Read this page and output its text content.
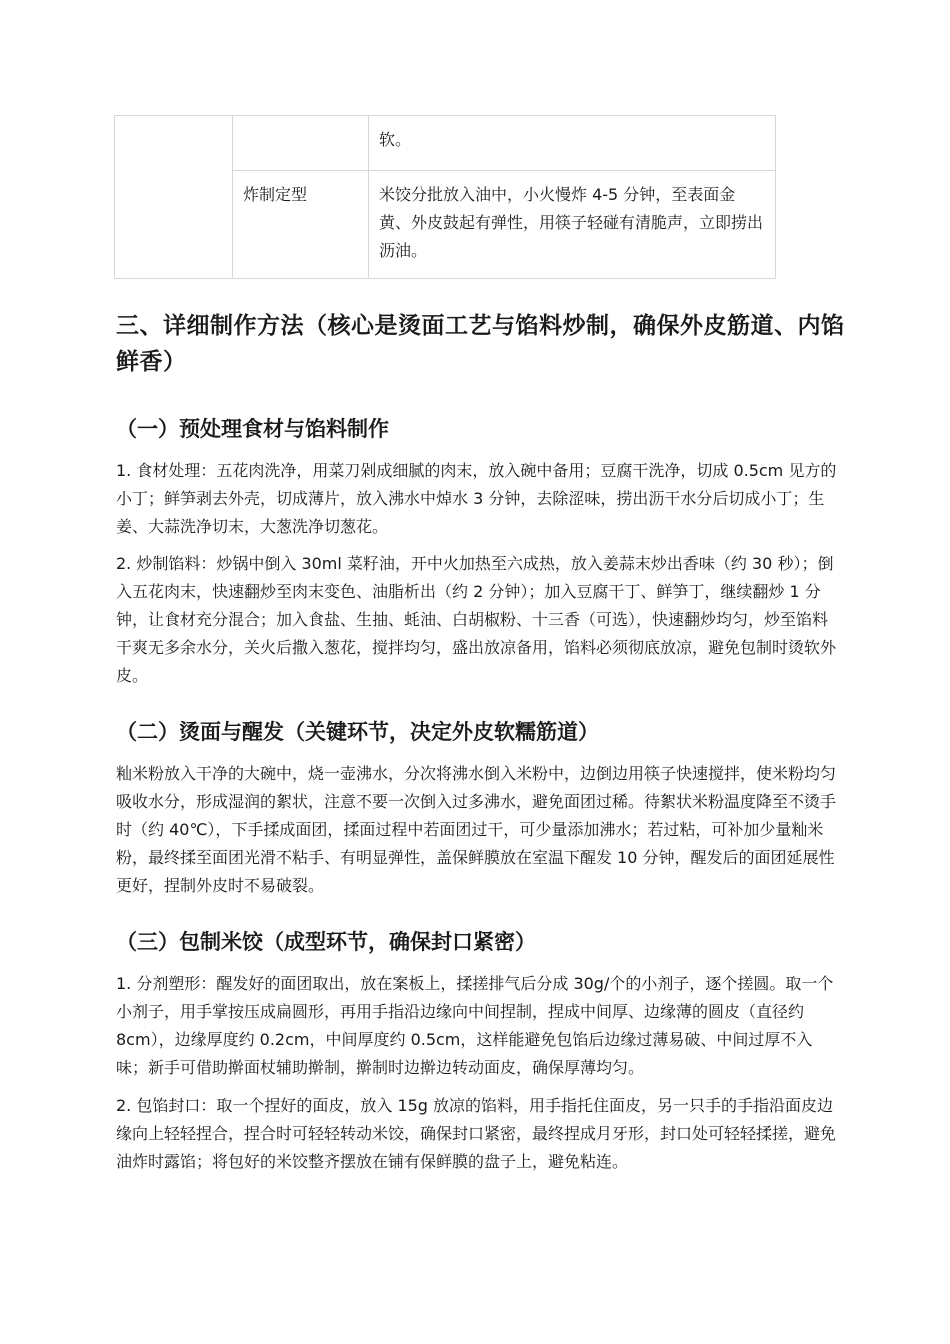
		软。

	炸制定型	米饺分批放入油中，小火慢炸 4-5 分钟，至表面金黄、外皮鼓起有弹性，用筷子轻碰有清脆声，立即捞出沥油。
三、详细制作方法（核心是烫面工艺与馅料炒制，确保外皮筋道、内馅鲜香）
（一）预处理食材与馅料制作

1. 食材处理：五花肉洗净，用菜刀剁成细腻的肉末，放入碗中备用；豆腐干洗净，切成 0.5cm 见方的小丁；鲜笋剥去外壳，切成薄片，放入沸水中焯水 3 分钟，去除涩味，捞出沥干水分后切成小丁；生姜、大蒜洗净切末，大葱洗净切葱花。

2. 炒制馅料：炒锅中倒入 30ml 菜籽油，开中火加热至六成热，放入姜蒜末炒出香味（约 30 秒）；倒入五花肉末，快速翻炒至肉末变色、油脂析出（约 2 分钟）；加入豆腐干丁、鲜笋丁，继续翻炒 1 分钟，让食材充分混合；加入食盐、生抽、蚝油、白胡椒粉、十三香（可选），快速翻炒均匀，炒至馅料干爽无多余水分，关火后撒入葱花，搅拌均匀，盛出放凉备用，馅料必须彻底放凉，避免包制时烫软外皮。

（二）烫面与醒发（关键环节，决定外皮软糯筋道）

籼米粉放入干净的大碗中，烧一壶沸水，分次将沸水倒入米粉中，边倒边用筷子快速搅拌，使米粉均匀吸收水分，形成湿润的絮状，注意不要一次倒入过多沸水，避免面团过稀。待絮状米粉温度降至不烫手时（约 40℃），下手揉成面团，揉面过程中若面团过干，可少量添加沸水；若过粘，可补加少量籼米粉，最终揉至面团光滑不粘手、有明显弹性，盖保鲜膜放在室温下醒发 10 分钟，醒发后的面团延展性更好，捏制外皮时不易破裂。

（三）包制米饺（成型环节，确保封口紧密）

1. 分剂塑形：醒发好的面团取出，放在案板上，揉搓排气后分成 30g/个的小剂子，逐个搓圆。取一个小剂子，用手掌按压成扁圆形，再用手指沿边缘向中间捏制，捏成中间厚、边缘薄的圆皮（直径约 8cm），边缘厚度约 0.2cm，中间厚度约 0.5cm，这样能避免包馅后边缘过薄易破、中间过厚不入味；新手可借助擀面杖辅助擀制，擀制时边擀边转动面皮，确保厚薄均匀。

2. 包馅封口：取一个捏好的面皮，放入 15g 放凉的馅料，用手指托住面皮，另一只手的手指沿面皮边缘向上轻轻捏合，捏合时可轻轻转动米饺，确保封口紧密，最终捏成月牙形，封口处可轻轻揉搓，避免油炸时露馅；将包好的米饺整齐摆放在铺有保鲜膜的盘子上，避免粘连。
